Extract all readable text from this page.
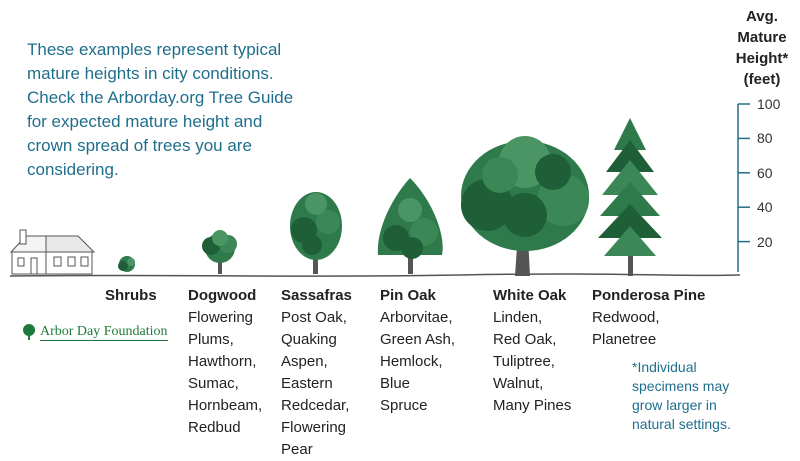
These examples represent typical
mature heights in city conditions.
Check the Arborday.org Tree Guide
for expected mature height and
crown spread of trees you are
considering.
Avg.
Mature
Height*
(feet)
100
80
60
40
20
Shrubs Dogwood
Flowering
Plums,
Hawthorn,
Sumac,
Hornbeam,
Redbud
Sassafras
Post Oak,
Quaking
Aspen,
Eastern
Redcedar,
Flowering
Pear
Pin Oak
Arborvitae,
Green Ash,
Hemlock,
Blue
Spruce
White Oak
Linden,
Red Oak,
Tuliptree,
Walnut,
Many Pines
Ponderosa Pine
Redwood,
Planetree
Arbor Day Foundation
*Individual
specimens may
grow larger in
natural settings.
